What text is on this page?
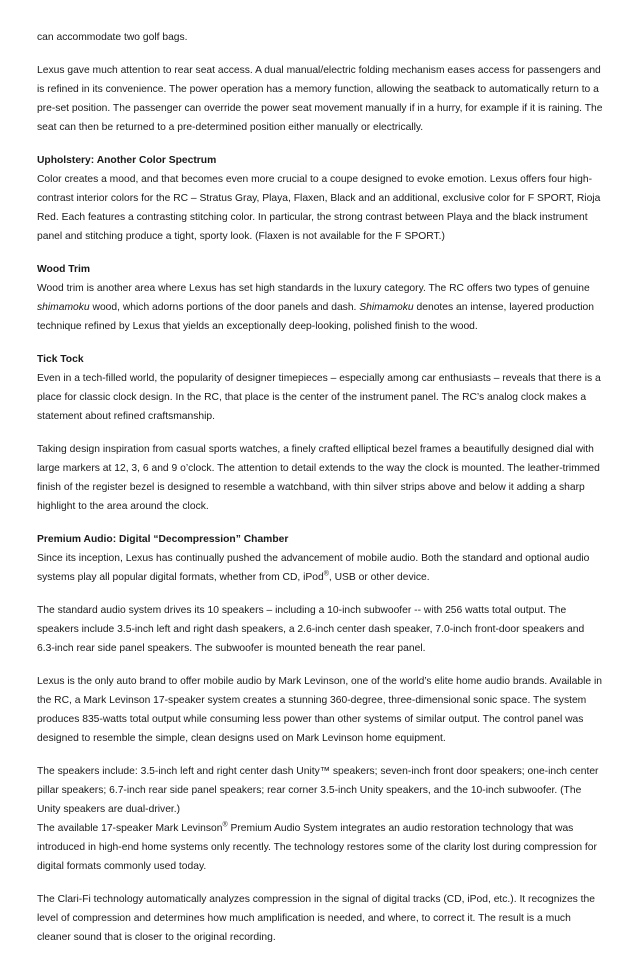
can accommodate two golf bags.

Lexus gave much attention to rear seat access. A dual manual/electric folding mechanism eases access for passengers and is refined in its convenience. The power operation has a memory function, allowing the seatback to automatically return to a pre-set position. The passenger can override the power seat movement manually if in a hurry, for example if it is raining. The seat can then be returned to a pre-determined position either manually or electrically.

Upholstery: Another Color Spectrum

Color creates a mood, and that becomes even more crucial to a coupe designed to evoke emotion. Lexus offers four high-contrast interior colors for the RC – Stratus Gray, Playa, Flaxen, Black and an additional, exclusive color for F SPORT, Rioja Red. Each features a contrasting stitching color. In particular, the strong contrast between Playa and the black instrument panel and stitching produce a tight, sporty look. (Flaxen is not available for the F SPORT.)

Wood Trim

Wood trim is another area where Lexus has set high standards in the luxury category. The RC offers two types of genuine shimamoku wood, which adorns portions of the door panels and dash. Shimamoku denotes an intense, layered production technique refined by Lexus that yields an exceptionally deep-looking, polished finish to the wood.

Tick Tock

Even in a tech-filled world, the popularity of designer timepieces – especially among car enthusiasts – reveals that there is a place for classic clock design. In the RC, that place is the center of the instrument panel. The RC’s analog clock makes a statement about refined craftsmanship.

Taking design inspiration from casual sports watches, a finely crafted elliptical bezel frames a beautifully designed dial with large markers at 12, 3, 6 and 9 o’clock. The attention to detail extends to the way the clock is mounted. The leather-trimmed finish of the register bezel is designed to resemble a watchband, with thin silver strips above and below it adding a sharp highlight to the area around the clock.

Premium Audio: Digital “Decompression” Chamber

Since its inception, Lexus has continually pushed the advancement of mobile audio. Both the standard and optional audio systems play all popular digital formats, whether from CD, iPod®, USB or other device.

The standard audio system drives its 10 speakers – including a 10-inch subwoofer -- with 256 watts total output. The speakers include 3.5-inch left and right dash speakers, a 2.6-inch center dash speaker, 7.0-inch front-door speakers and 6.3-inch rear side panel speakers. The subwoofer is mounted beneath the rear panel.

Lexus is the only auto brand to offer mobile audio by Mark Levinson, one of the world’s elite home audio brands. Available in the RC, a Mark Levinson 17-speaker system creates a stunning 360-degree, three-dimensional sonic space. The system produces 835-watts total output while consuming less power than other systems of similar output. The control panel was designed to resemble the simple, clean designs used on Mark Levinson home equipment.

The speakers include: 3.5-inch left and right center dash Unity™ speakers; seven-inch front door speakers; one-inch center pillar speakers; 6.7-inch rear side panel speakers; rear corner 3.5-inch Unity speakers, and the 10-inch subwoofer. (The Unity speakers are dual-driver.)

The available 17-speaker Mark Levinson® Premium Audio System integrates an audio restoration technology that was introduced in high-end home systems only recently. The technology restores some of the clarity lost during compression for digital formats commonly used today.

The Clari-Fi technology automatically analyzes compression in the signal of digital tracks (CD, iPod, etc.). It recognizes the level of compression and determines how much amplification is needed, and where, to correct it. The result is a much cleaner sound that is closer to the original recording.
